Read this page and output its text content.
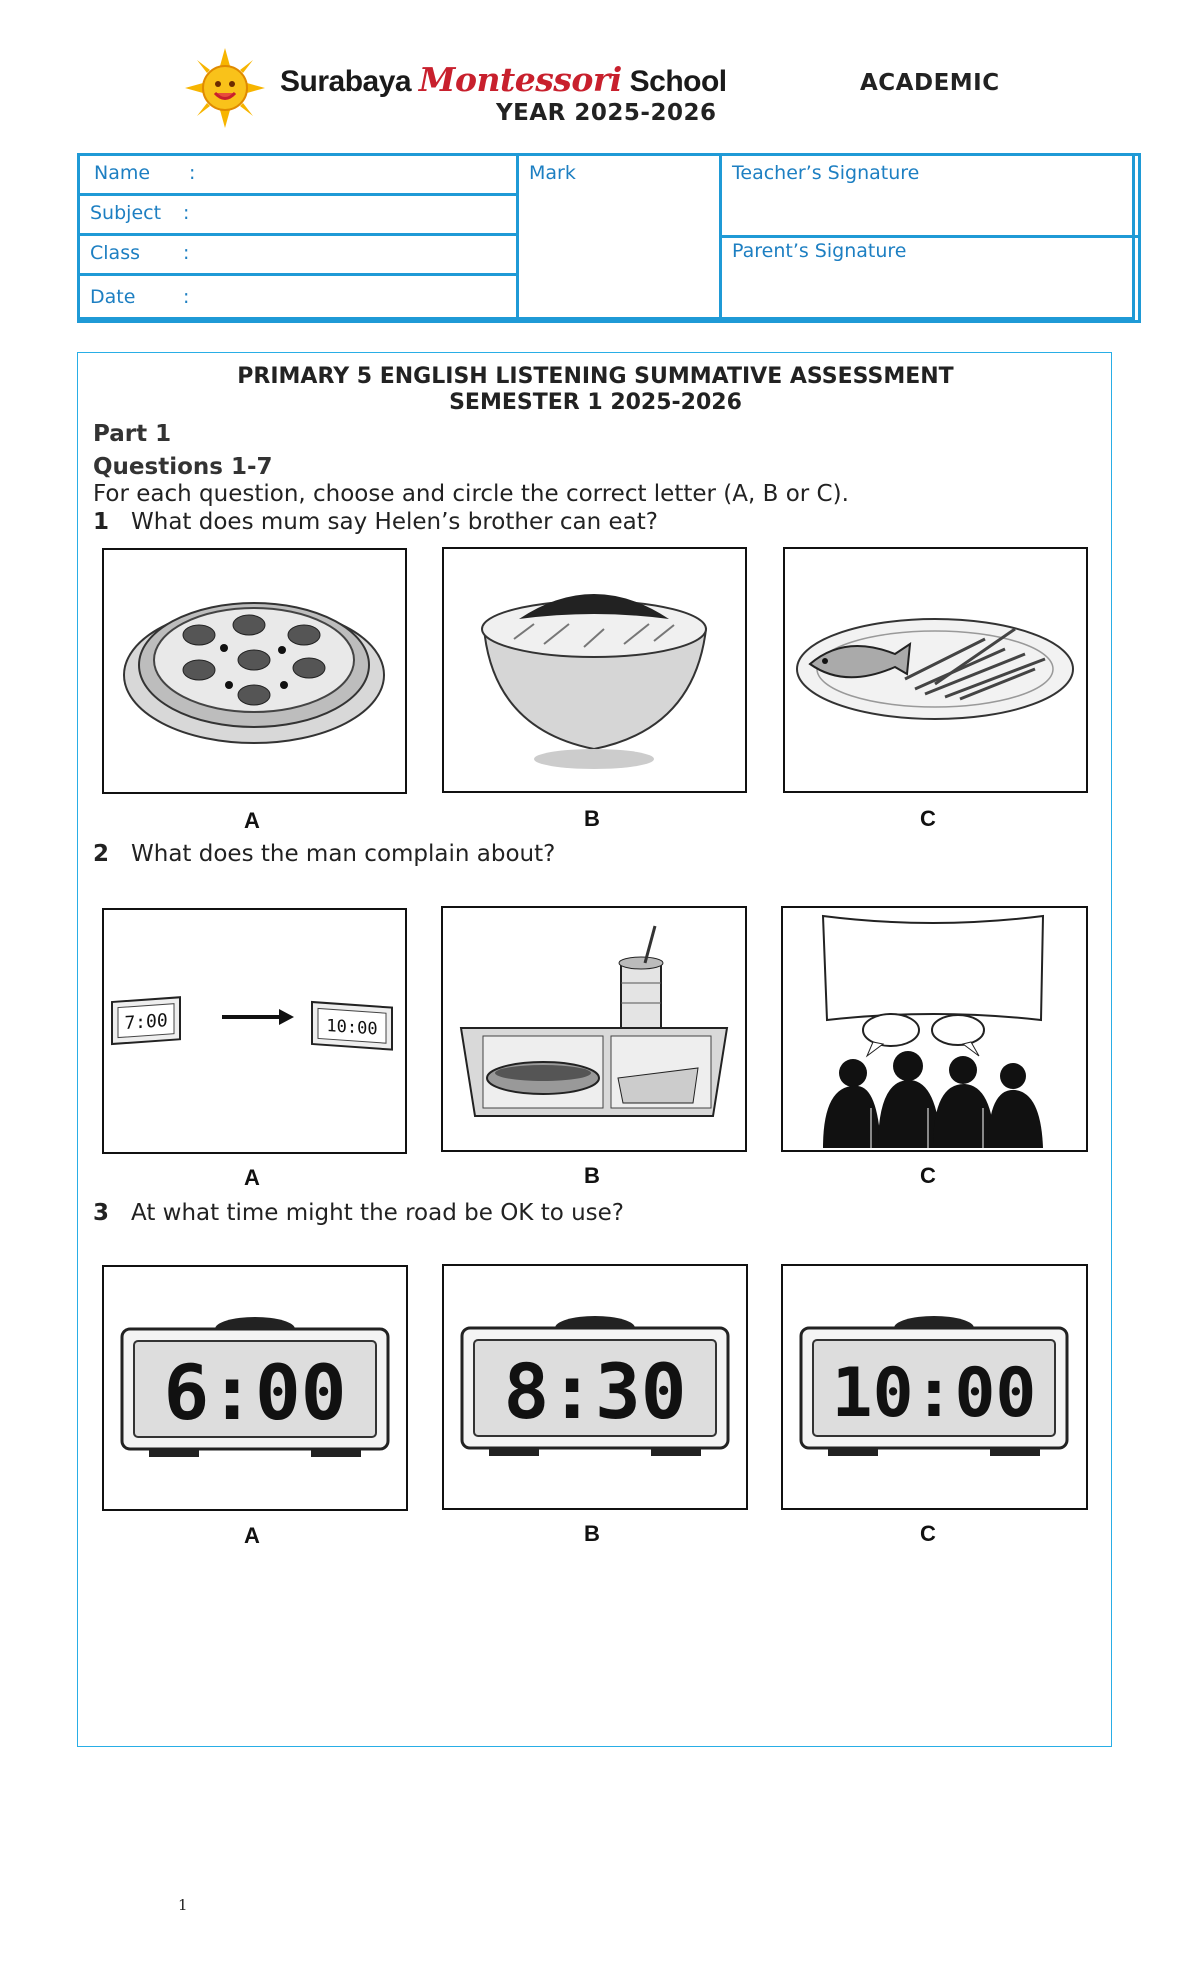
Surabaya Montessori School	ACADEMIC
YEAR 2025-2026
Name :
Subject :
Class :
Date	:
Mark	Teacher’s Signature
Parent’s Signature
PRIMARY 5 ENGLISH LISTENING SUMMATIVE ASSESSMENT
SEMESTER 1 2025-2026
Part 1
Questions 1-7
For each question, choose and circle the correct letter (A, B or C).
1 What does mum say Helen’s brother can eat?
A	B	C
2 What does the man complain about?
7:00	10:00
A	B	C
3 At what time might the road be OK to use?
6:00
A
8:30
B
10:00
C
1
